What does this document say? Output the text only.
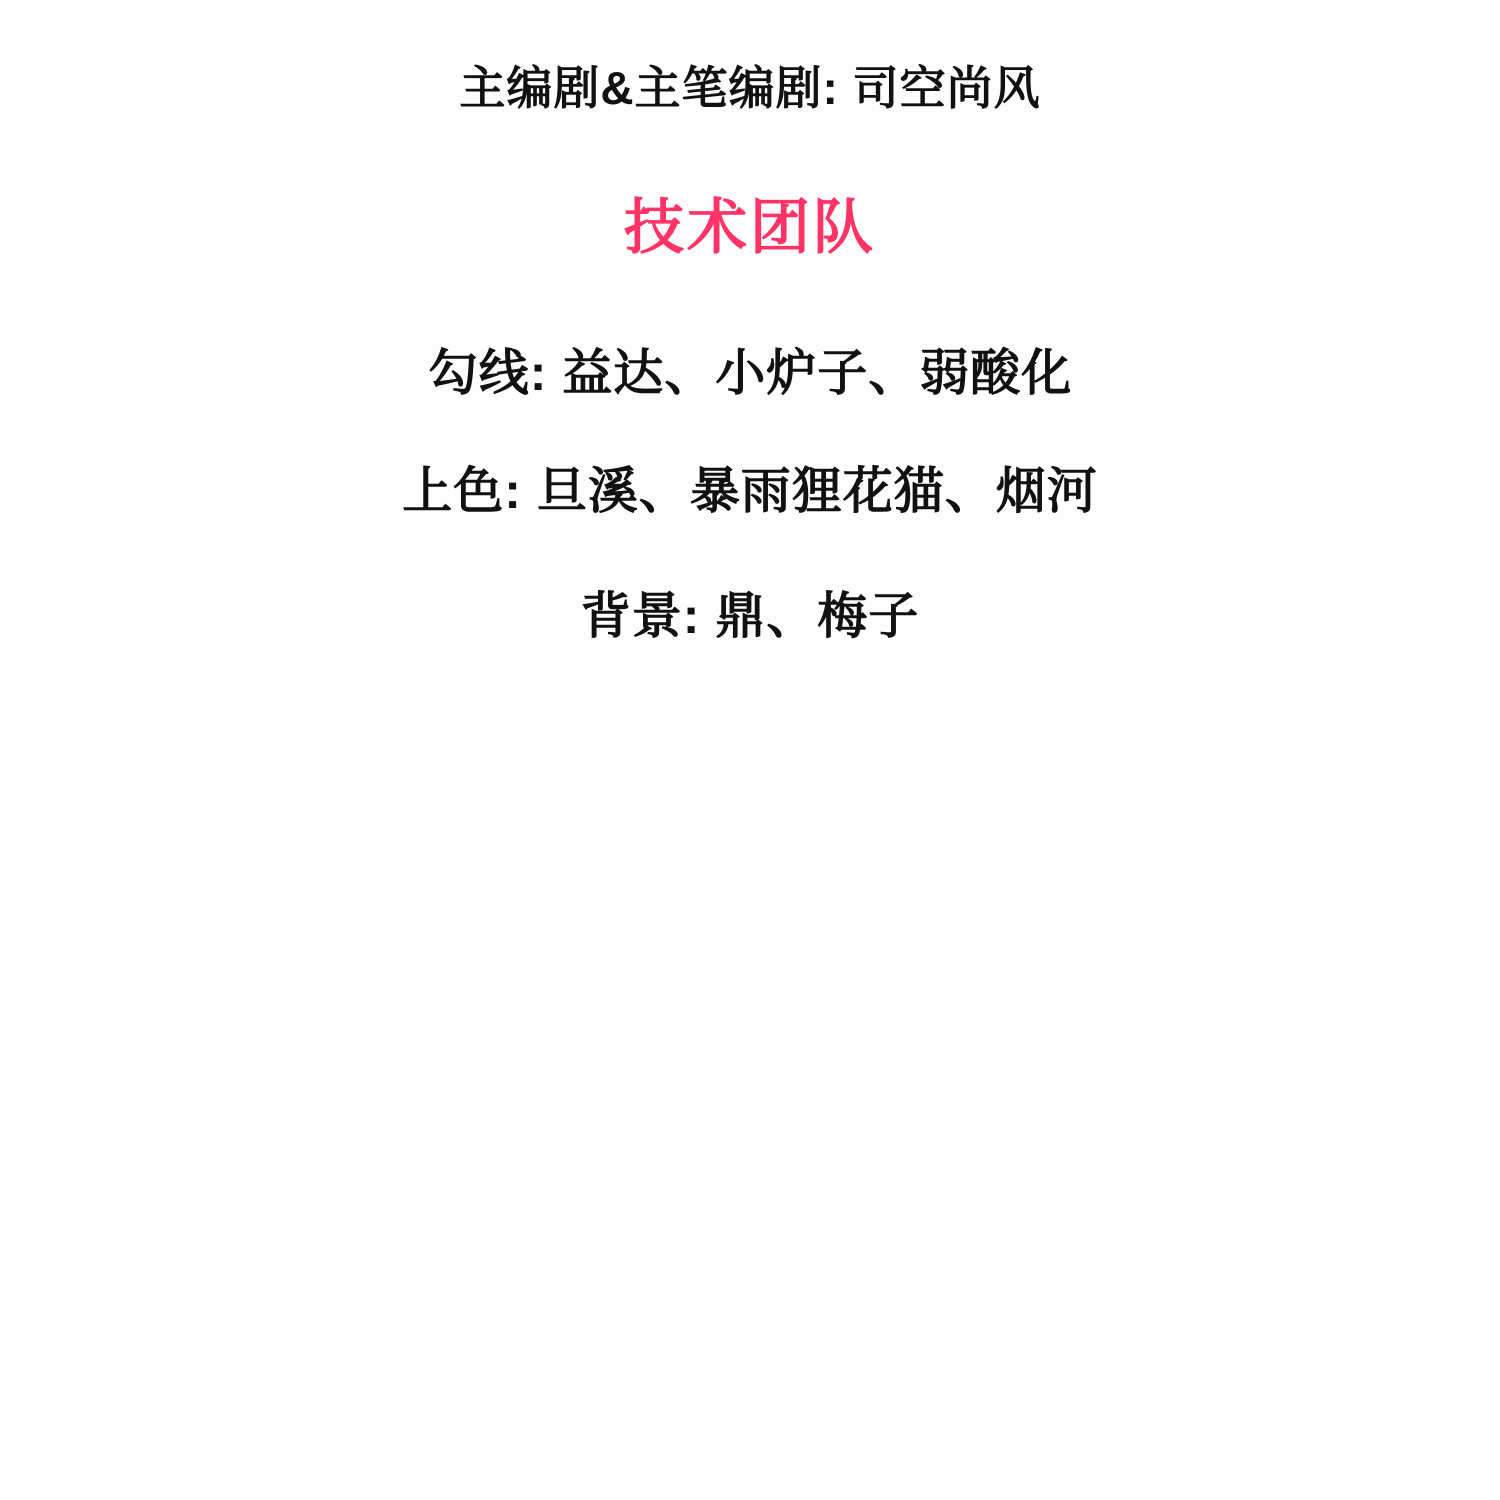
主编剧&主笔编剧: 司空尚风
技术团队
勾线: 益达、小炉子、弱酸化
上色: 旦溪、暴雨狸花猫、烟河
背景: 鼎、梅子
